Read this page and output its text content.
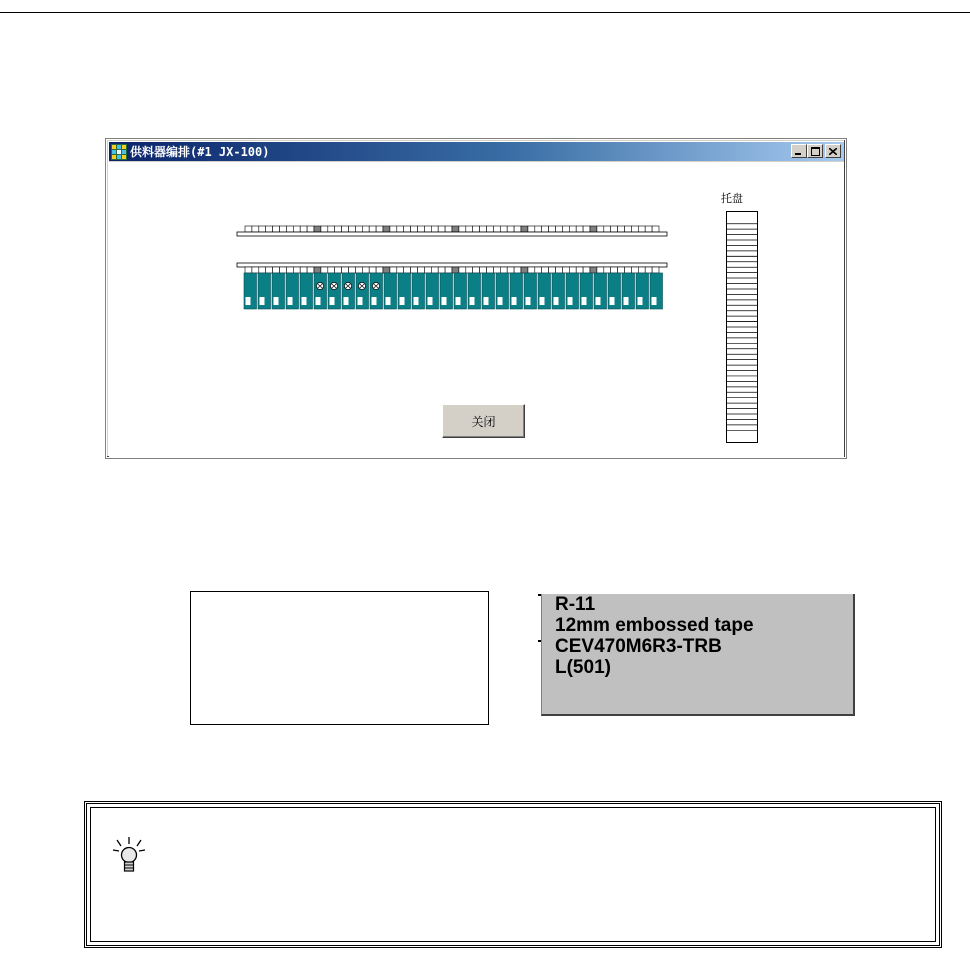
供料器编排(#1 JX-100)
托盘
关闭
R-11
12mm embossed tape
CEV470M6R3-TRB
L(501)
